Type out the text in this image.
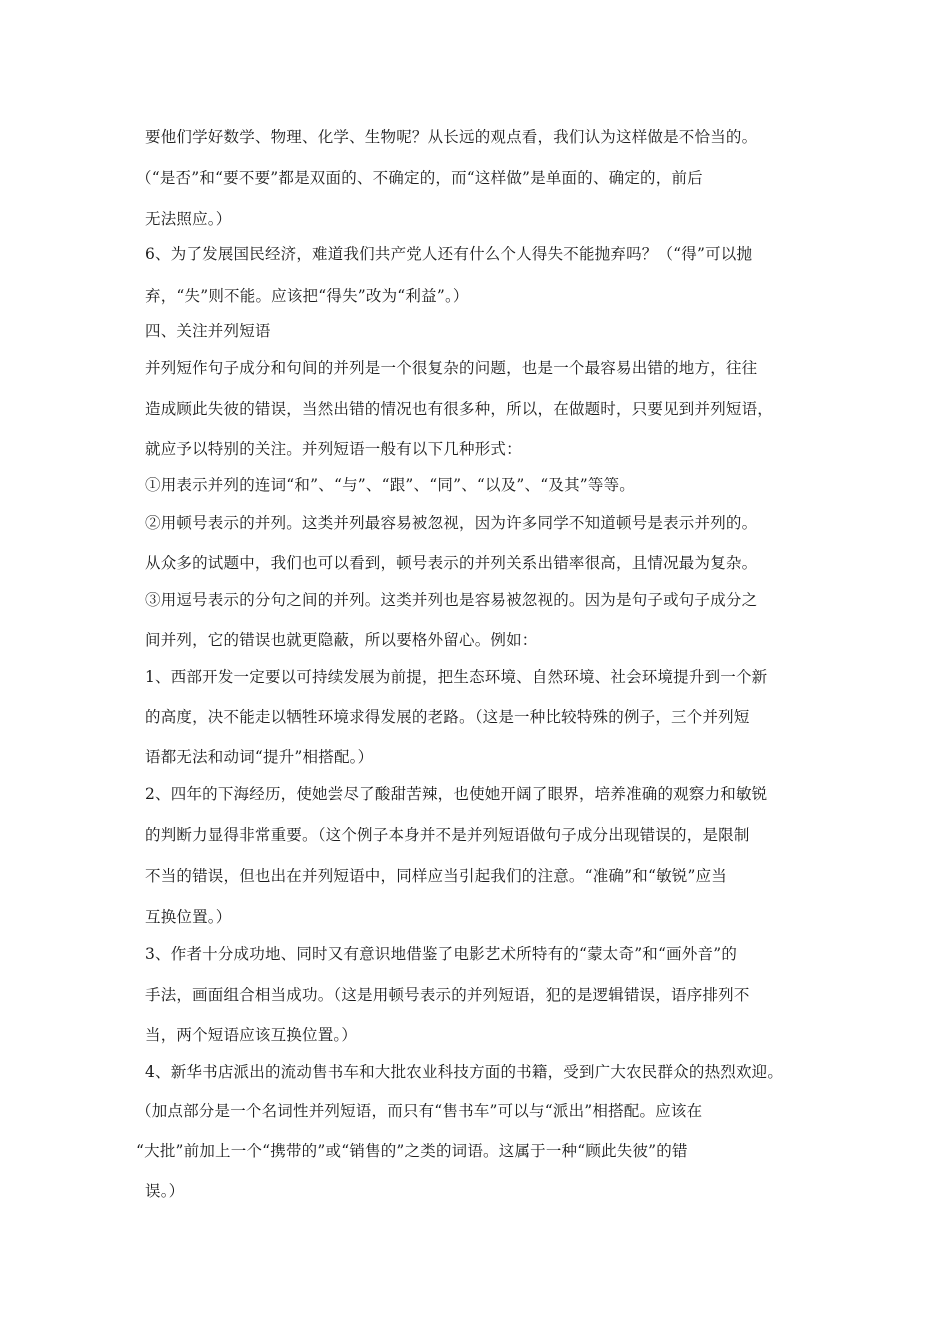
要他们学好数学、物理、化学、生物呢？从长远的观点看，我们认为这样做是不恰当的。
（“是否”和“要不要”都是双面的、不确定的，而“这样做”是单面的、确定的，前后
无法照应。）
6、为了发展国民经济，难道我们共产党人还有什么个人得失不能抛弃吗？（“得”可以抛
弃，“失”则不能。应该把“得失”改为“利益”。）
四、关注并列短语
并列短作句子成分和句间的并列是一个很复杂的问题，也是一个最容易出错的地方，往往
造成顾此失彼的错误，当然出错的情况也有很多种，所以，在做题时，只要见到并列短语，
就应予以特别的关注。并列短语一般有以下几种形式：
①用表示并列的连词“和”、“与”、“跟”、“同”、“以及”、“及其”等等。
②用顿号表示的并列。这类并列最容易被忽视，因为许多同学不知道顿号是表示并列的。
从众多的试题中，我们也可以看到，顿号表示的并列关系出错率很高，且情况最为复杂。
③用逗号表示的分句之间的并列。这类并列也是容易被忽视的。因为是句子或句子成分之
间并列，它的错误也就更隐蔽，所以要格外留心。例如：
1、西部开发一定要以可持续发展为前提，把生态环境、自然环境、社会环境提升到一个新
的高度，决不能走以牺牲环境求得发展的老路。（这是一种比较特殊的例子，三个并列短
语都无法和动词“提升”相搭配。）
2、四年的下海经历，使她尝尽了酸甜苦辣，也使她开阔了眼界，培养准确的观察力和敏锐
的判断力显得非常重要。（这个例子本身并不是并列短语做句子成分出现错误的，是限制
不当的错误，但也出在并列短语中，同样应当引起我们的注意。“准确”和“敏锐”应当
互换位置。）
3、作者十分成功地、同时又有意识地借鉴了电影艺术所特有的“蒙太奇”和“画外音”的
手法，画面组合相当成功。（这是用顿号表示的并列短语，犯的是逻辑错误，语序排列不
当，两个短语应该互换位置。）
4、新华书店派出的流动售书车和大批农业科技方面的书籍，受到广大农民群众的热烈欢迎。
（加点部分是一个名词性并列短语，而只有“售书车”可以与“派出”相搭配。应该在
“大批”前加上一个“携带的”或“销售的”之类的词语。这属于一种“顾此失彼”的错
误。）
